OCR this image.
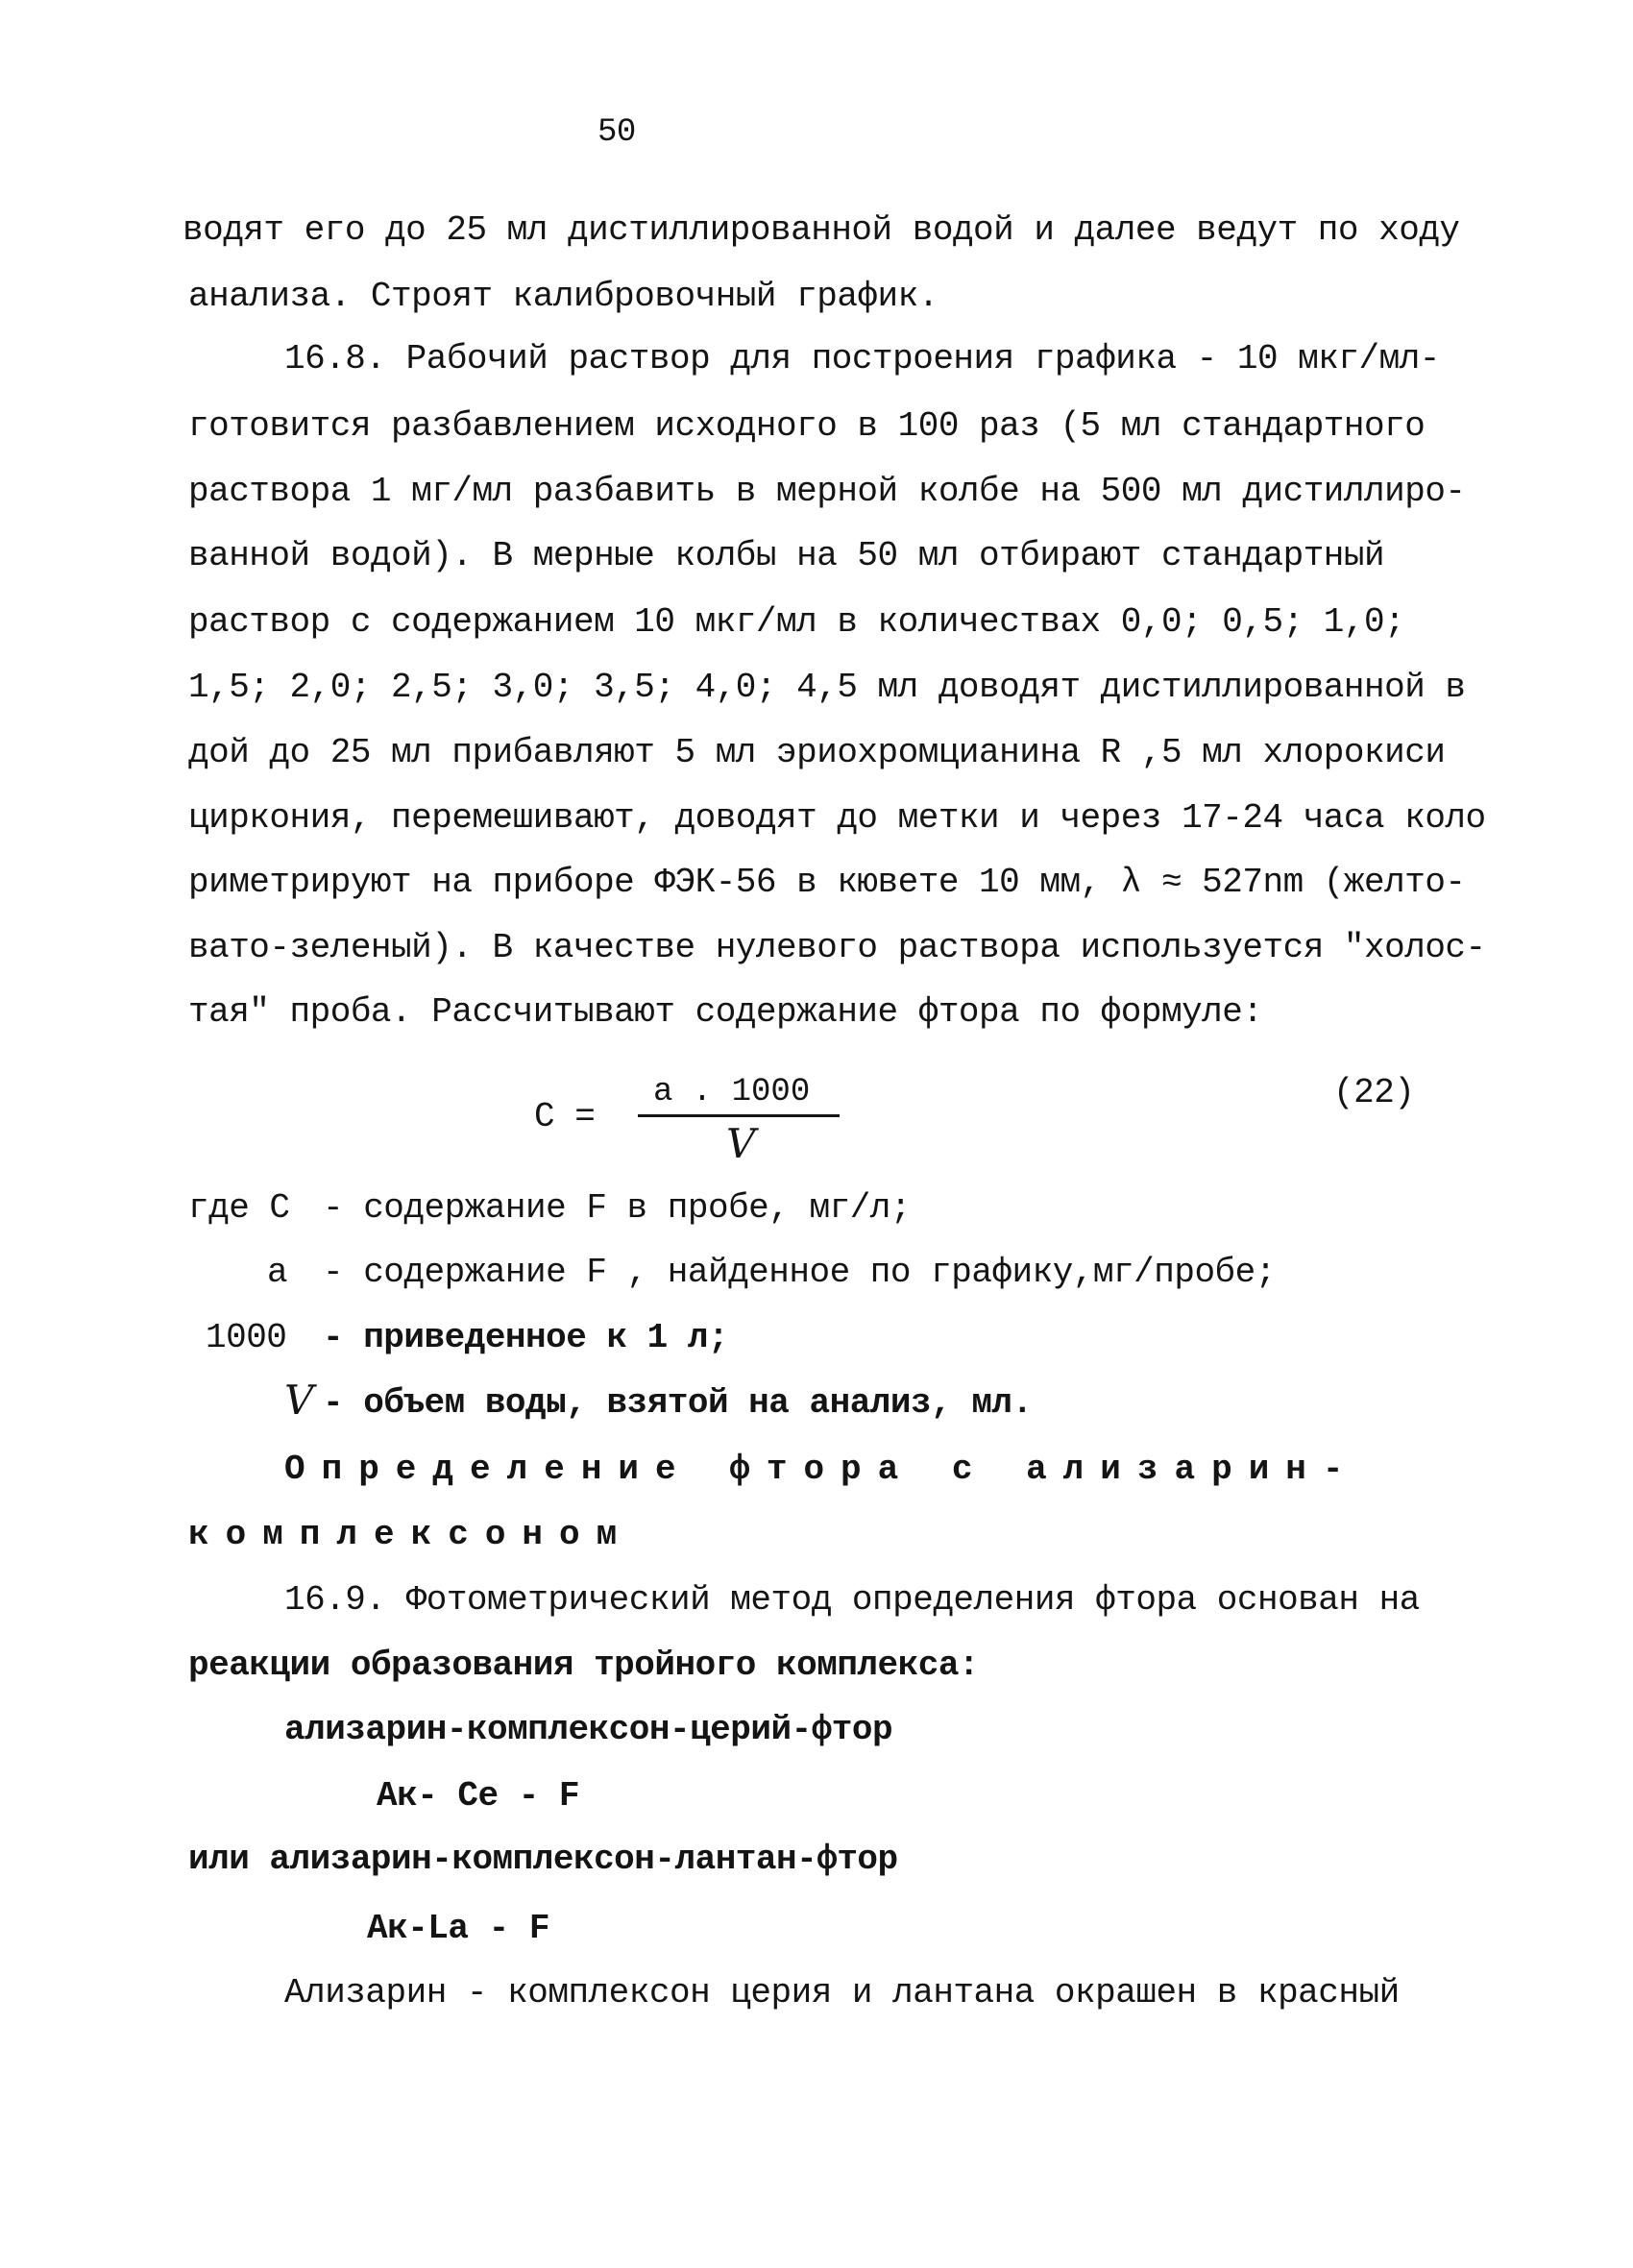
50
водят его до 25 мл дистиллированной водой и далее ведут по ходу
анализа. Строят калибровочный график.
16.8. Рабочий раствор для построения графика - 10 мкг/мл-
готовится разбавлением исходного в 100 раз (5 мл стандартного
раствора 1 мг/мл разбавить в мерной колбе на 500 мл дистиллиро-
ванной водой). В мерные колбы на 50 мл отбирают стандартный
раствор с содержанием 10 мкг/мл в количествах 0,0; 0,5; 1,0;
1,5; 2,0; 2,5; 3,0; 3,5; 4,0; 4,5 мл доводят дистиллированной в
дой до 25 мл прибавляют 5 мл эриохромцианина R ,5 мл хлорокиси
циркония, перемешивают, доводят до метки и через 17-24 часа коло
риметрируют на приборе ФЭК-56 в кювете 10 мм, λ ≈ 527nm (желто-
вато-зеленый). В качестве нулевого раствора используется "холос-
тая" проба. Рассчитывают содержание фтора по формуле:
C =
a . 1000
V
(22)
где C - содержание F в пробе, мг/л;
a - содержание F , найденное по графику,мг/пробе;
1000 - приведенное к 1 л;
V - объем воды, взятой на анализ, мл.
Определение фтора с ализарин-
комплексоном
16.9. Фотометрический метод определения фтора основан на
реакции образования тройного комплекса:
ализарин-комплексон-церий-фтор
Aк- Ce - F
или ализарин-комплексон-лантан-фтор
Aк-La - F
Ализарин - комплексон церия и лантана окрашен в красный
